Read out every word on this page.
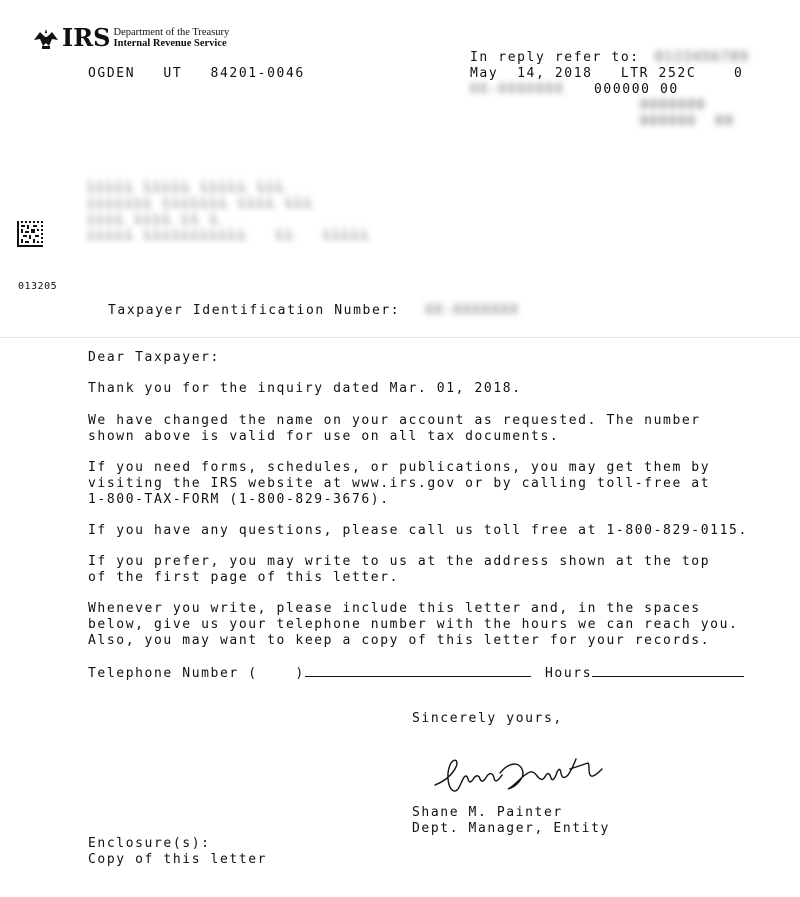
IRS Department of the Treasury
Internal Revenue Service
In reply refer to: 0123456789
OGDEN   UT   84201-0046	May  14, 2018   LTR 252C    0
XX-XXXXXXX 000000 00
0000000
000000  00
LLLLL LLLLL LLLLL LLL
LLLLLLL LLLLLLL LLLL LLL
LLLL LLLL LL L
LLLLL LLLLLLLLLLL   LL   LLLLL
013205
Taxpayer Identification Number: XX-XXXXXXX
Dear Taxpayer:
Thank you for the inquiry dated Mar. 01, 2018.
We have changed the name on your account as requested. The number
shown above is valid for use on all tax documents.
If you need forms, schedules, or publications, you may get them by
visiting the IRS website at www.irs.gov or by calling toll-free at
1-800-TAX-FORM (1-800-829-3676).
If you have any questions, please call us toll free at 1-800-829-0115.
If you prefer, you may write to us at the address shown at the top
of the first page of this letter.
Whenever you write, please include this letter and, in the spaces
below, give us your telephone number with the hours we can reach you.
Also, you may want to keep a copy of this letter for your records.
Telephone Number (    )	Hours
Sincerely yours,
Shane M. Painter
Dept. Manager, Entity
Enclosure(s):
Copy of this letter
